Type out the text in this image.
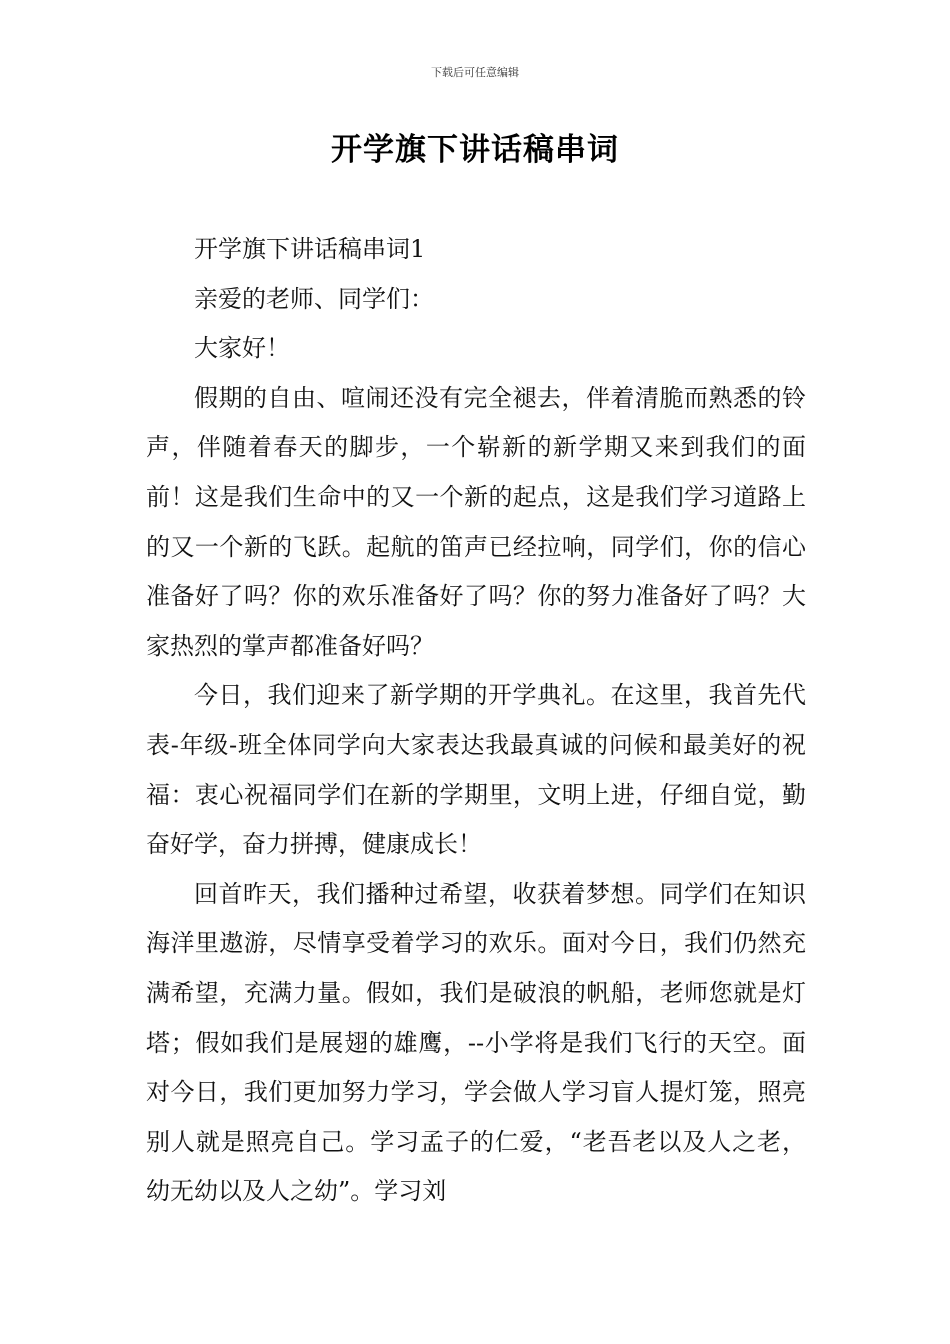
下载后可任意编辑
开学旗下讲话稿串词

开学旗下讲话稿串词1

亲爱的老师、同学们：

大家好！

假期的自由、喧闹还没有完全褪去，伴着清脆而熟悉的铃声，伴随着春天的脚步，一个崭新的新学期又来到我们的面前！这是我们生命中的又一个新的起点，这是我们学习道路上的又一个新的飞跃。起航的笛声已经拉响，同学们，你的信心准备好了吗？你的欢乐准备好了吗？你的努力准备好了吗？大家热烈的掌声都准备好吗？

今日，我们迎来了新学期的开学典礼。在这里，我首先代表-年级-班全体同学向大家表达我最真诚的问候和最美好的祝福：衷心祝福同学们在新的学期里，文明上进，仔细自觉，勤奋好学，奋力拼搏，健康成长！

回首昨天，我们播种过希望，收获着梦想。同学们在知识海洋里遨游，尽情享受着学习的欢乐。面对今日，我们仍然充满希望，充满力量。假如，我们是破浪的帆船，老师您就是灯塔；假如我们是展翅的雄鹰，--小学将是我们飞行的天空。面对今日，我们更加努力学习，学会做人学习盲人提灯笼，照亮别人就是照亮自己。学习孟子的仁爱，“老吾老以及人之老，幼无幼以及人之幼”。学习刘
